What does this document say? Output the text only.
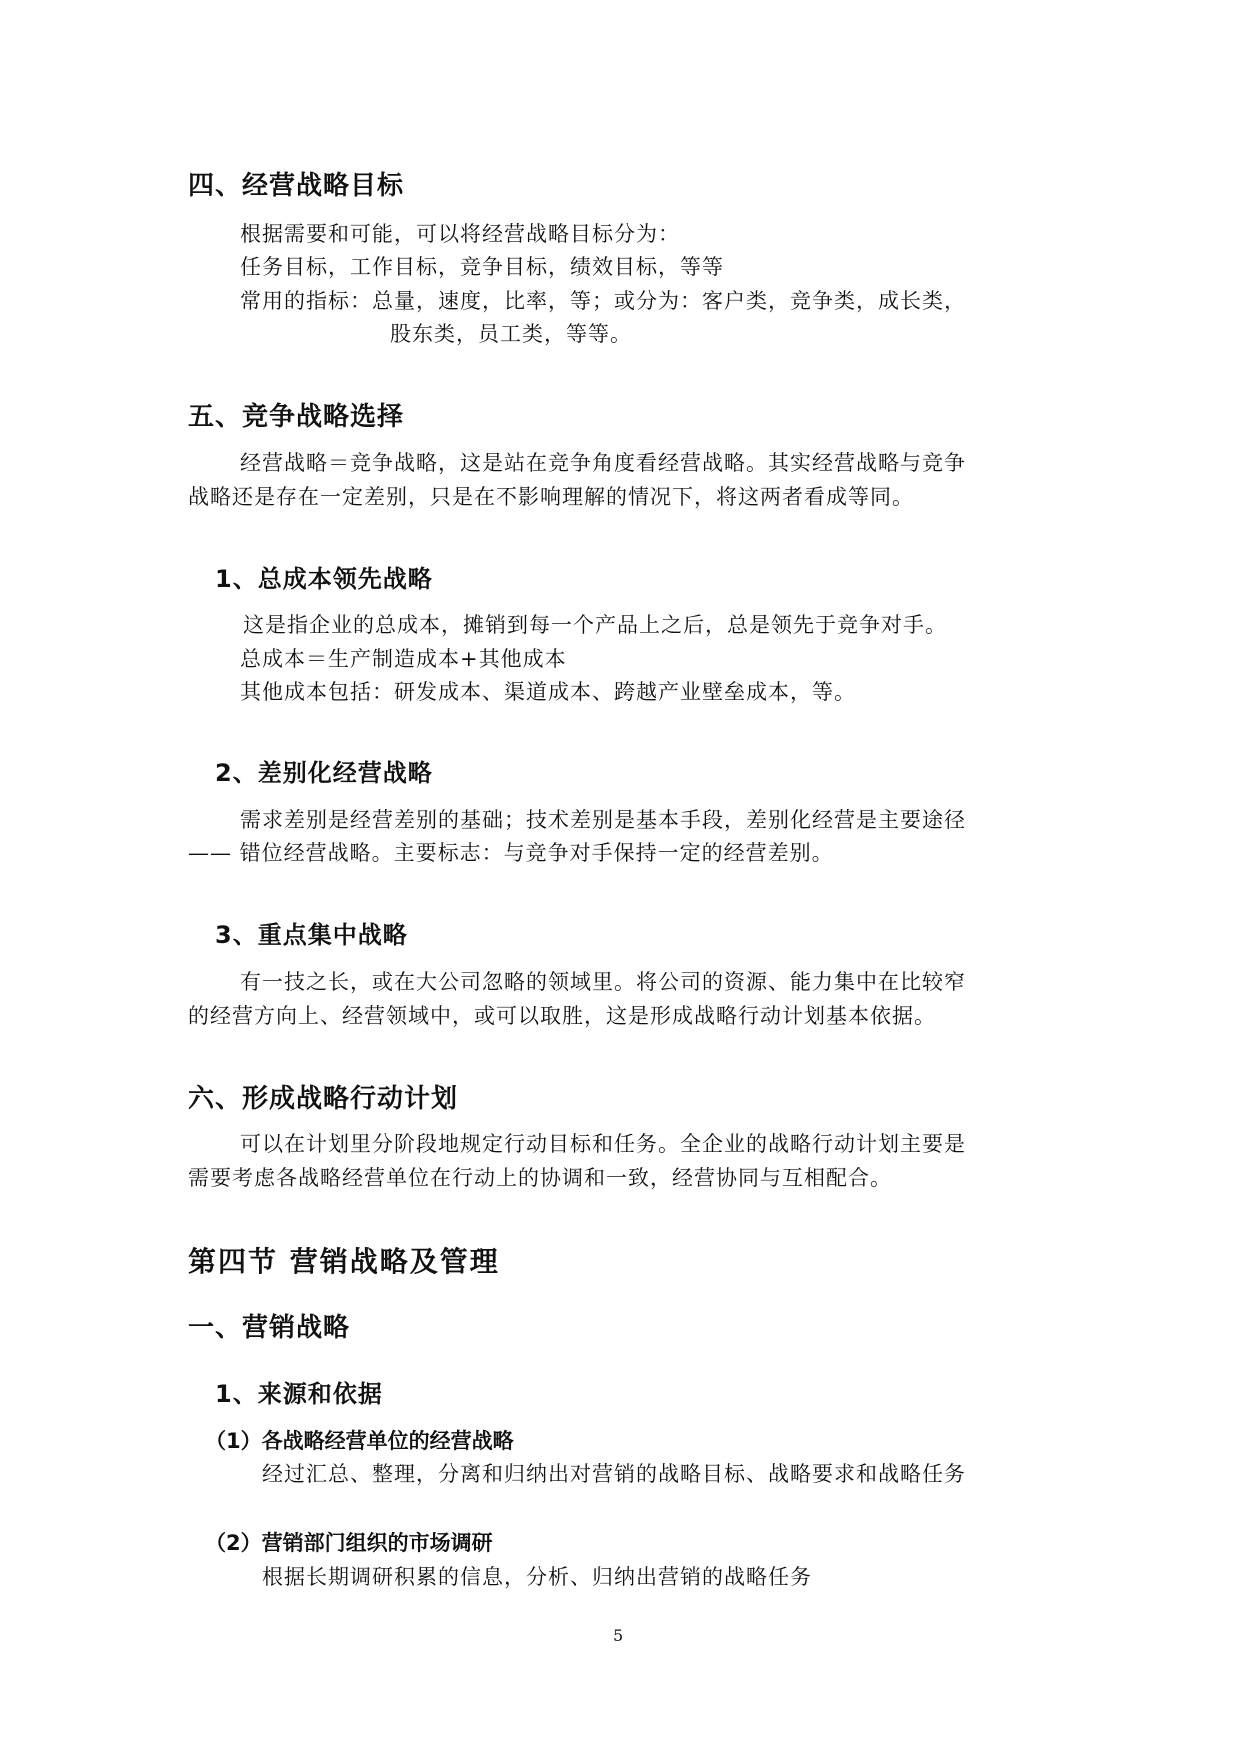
四、经营战略目标
根据需要和可能，可以将经营战略目标分为：
任务目标，工作目标，竞争目标，绩效目标，等等
常用的指标：总量，速度，比率，等；或分为：客户类，竞争类，成长类，
股东类，员工类，等等。
五、竞争战略选择
经营战略＝竞争战略，这是站在竞争角度看经营战略。其实经营战略与竞争
战略还是存在一定差别，只是在不影响理解的情况下，将这两者看成等同。
1、总成本领先战略
这是指企业的总成本，摊销到每一个产品上之后，总是领先于竞争对手。
总成本＝生产制造成本+其他成本
其他成本包括：研发成本、渠道成本、跨越产业壁垒成本，等。
2、差别化经营战略
需求差别是经营差别的基础；技术差别是基本手段，差别化经营是主要途径
—— 错位经营战略。主要标志：与竞争对手保持一定的经营差别。
3、重点集中战略
有一技之长，或在大公司忽略的领域里。将公司的资源、能力集中在比较窄
的经营方向上、经营领域中，或可以取胜，这是形成战略行动计划基本依据。
六、形成战略行动计划
可以在计划里分阶段地规定行动目标和任务。全企业的战略行动计划主要是
需要考虑各战略经营单位在行动上的协调和一致，经营协同与互相配合。
第四节 营销战略及管理
一、营销战略
1、来源和依据
（1）各战略经营单位的经营战略
经过汇总、整理，分离和归纳出对营销的战略目标、战略要求和战略任务
（2）营销部门组织的市场调研
根据长期调研积累的信息，分析、归纳出营销的战略任务
5
